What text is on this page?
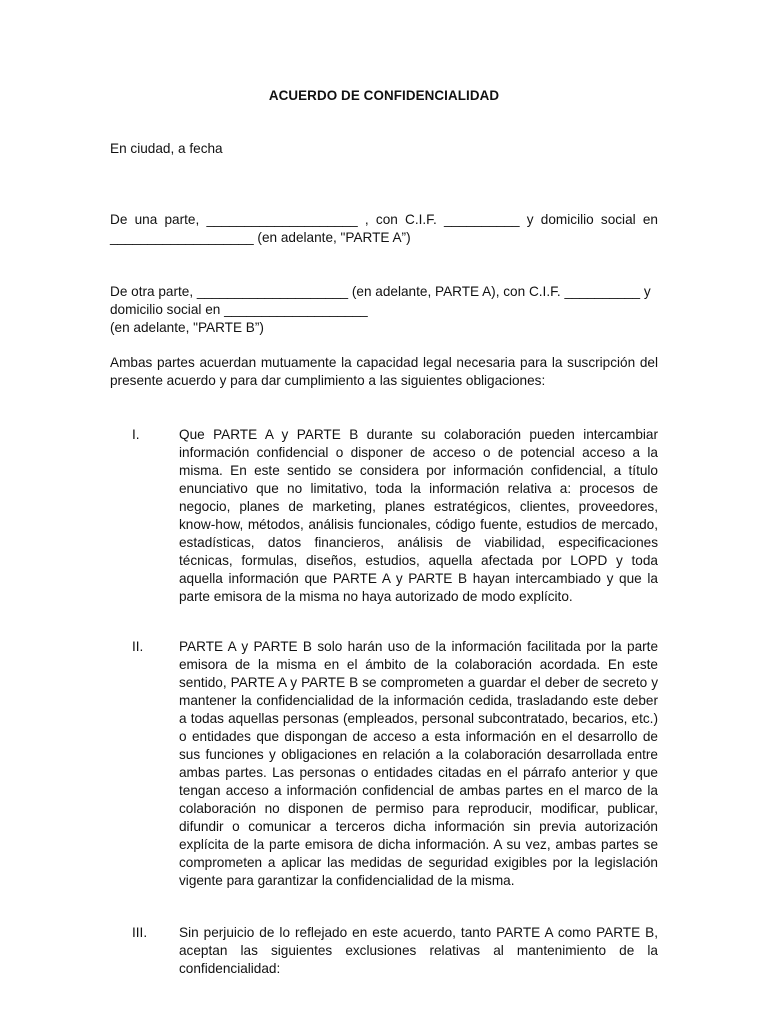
ACUERDO DE CONFIDENCIALIDAD
En ciudad, a fecha
De una parte, ____________________ , con C.I.F. __________ y domicilio social en ___________________ (en adelante, "PARTE A”)
De otra parte, ____________________ (en adelante, PARTE A), con C.I.F. __________ y domicilio social en ___________________
(en adelante, "PARTE B”)
Ambas partes acuerdan mutuamente la capacidad legal necesaria para la suscripción del presente acuerdo y para dar cumplimiento a las siguientes obligaciones:
I.	Que PARTE A y PARTE B durante su colaboración pueden intercambiar información confidencial o disponer de acceso o de potencial acceso a la misma. En este sentido se considera por información confidencial, a título enunciativo que no limitativo, toda la información relativa a: procesos de negocio, planes de marketing, planes estratégicos, clientes, proveedores, know-how, métodos, análisis funcionales, código fuente, estudios de mercado, estadísticas, datos financieros, análisis de viabilidad, especificaciones técnicas, formulas, diseños, estudios, aquella afectada por LOPD y toda aquella información que PARTE A y PARTE B hayan intercambiado y que la parte emisora de la misma no haya autorizado de modo explícito.
II.	PARTE A y PARTE B solo harán uso de la información facilitada por la parte emisora de la misma en el ámbito de la colaboración acordada. En este sentido, PARTE A y PARTE B se comprometen a guardar el deber de secreto y mantener la confidencialidad de la información cedida, trasladando este deber a todas aquellas personas (empleados, personal subcontratado, becarios, etc.) o entidades que dispongan de acceso a esta información en el desarrollo de sus funciones y obligaciones en relación a la colaboración desarrollada entre ambas partes. Las personas o entidades citadas en el párrafo anterior y que tengan acceso a información confidencial de ambas partes en el marco de la colaboración no disponen de permiso para reproducir, modificar, publicar, difundir o comunicar a terceros dicha información sin previa autorización explícita de la parte emisora de dicha información. A su vez, ambas partes se comprometen a aplicar las medidas de seguridad exigibles por la legislación vigente para garantizar la confidencialidad de la misma.
III.	Sin perjuicio de lo reflejado en este acuerdo, tanto PARTE A como PARTE B, aceptan las siguientes exclusiones relativas al mantenimiento de la confidencialidad:
